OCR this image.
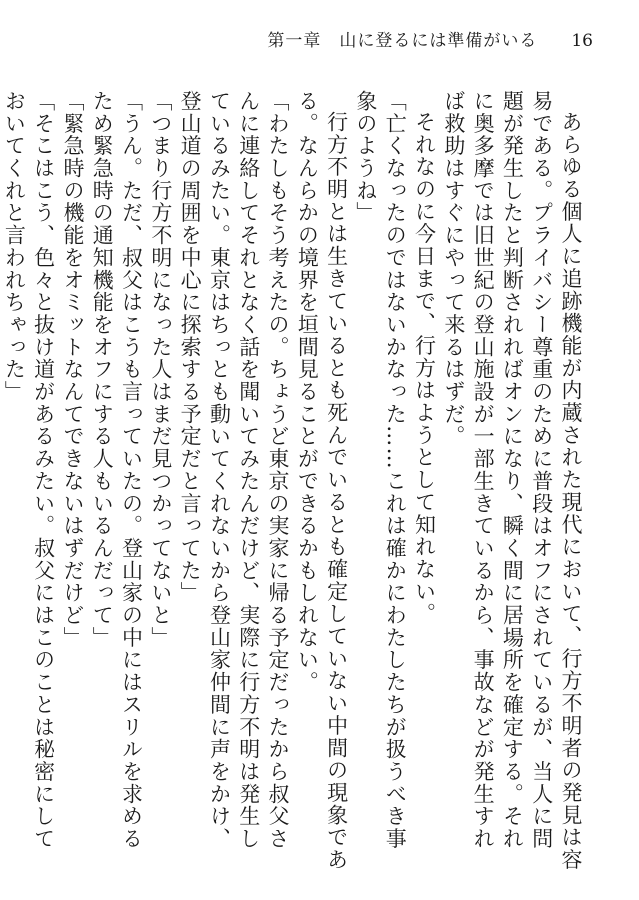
第一章　山に登るには準備がいる 16

あらゆる個人に追跡機能が内蔵された現代において、行方不明者の発見は容易である。プライバシー尊重のために普段はオフにされているが、当人に問題が発生したと判断されればオンになり、瞬く間に居場所を確定する。それに奥多摩では旧世紀の登山施設が一部生きているから、事故などが発生すれば救助はすぐにやって来るはずだ。

それなのに今日まで、行方はようとして知れない。

「亡くなったのではないかなった……これは確かにわたしたちが扱うべき事象のようね」

行方不明とは生きているとも死んでいるとも確定していない中間の現象である。なんらかの境界を垣間見ることができるかもしれない。

「わたしもそう考えたの。ちょうど東京の実家に帰る予定だったから叔父さんに連絡してそれとなく話を聞いてみたんだけど、実際に行方不明は発生しているみたい。東京はちっとも動いてくれないから登山家仲間に声をかけ、登山道の周囲を中心に探索する予定だと言ってた」

「つまり行方不明になった人はまだ見つかってないと」

「うん。ただ、叔父はこうも言っていたの。登山家の中にはスリルを求めるため緊急時の通知機能をオフにする人もいるんだって」

「緊急時の機能をオミットなんてできないはずだけど」

「そこはこう、色々と抜け道があるみたい。叔父にはこのことは秘密にしておいてくれと言われちゃった」
